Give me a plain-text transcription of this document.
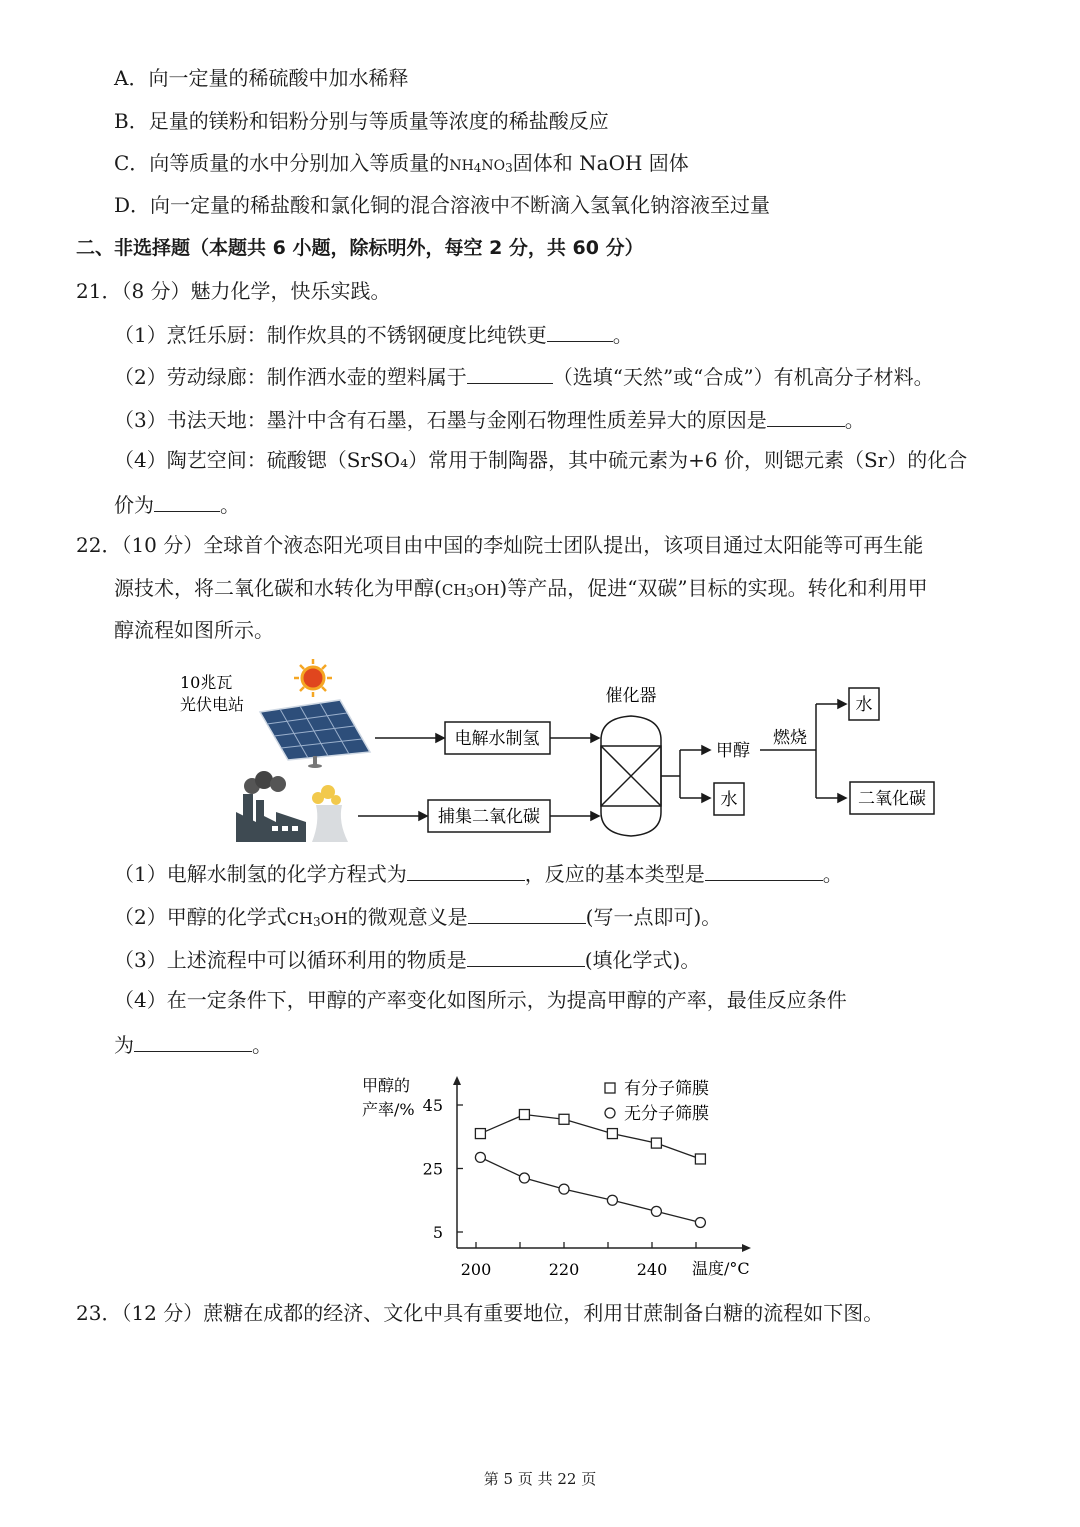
A．向一定量的稀硫酸中加水稀释
B．足量的镁粉和铝粉分别与等质量等浓度的稀盐酸反应
C．向等质量的水中分别加入等质量的NH4NO3固体和 NaOH 固体
D．向一定量的稀盐酸和氯化铜的混合溶液中不断滴入氢氧化钠溶液至过量
二、非选择题（本题共 6 小题，除标明外，每空 2 分，共 60 分）
21．（8 分）魅力化学，快乐实践。
（1）烹饪乐厨：制作炊具的不锈钢硬度比纯铁更	。
（2）劳动绿廊：制作洒水壶的塑料属于	（选填“天然”或“合成”）有机高分子材料。
（3）书法天地：墨汁中含有石墨，石墨与金刚石物理性质差异大的原因是	。
（4）陶艺空间：硫酸锶（SrSO₄）常用于制陶器，其中硫元素为+6 价，则锶元素（Sr）的化合
价为	。
22．（10 分）全球首个液态阳光项目由中国的李灿院士团队提出，该项目通过太阳能等可再生能
源技术，将二氧化碳和水转化为甲醇(CH3OH)等产品，促进“双碳”目标的实现。转化和利用甲
醇流程如图所示。
10兆瓦
光伏电站
电解水制氢
捕集二氧化碳
催化器
甲醇
水
燃烧
水
二氧化碳
（1）电解水制氢的化学方程式为	，反应的基本类型是	。
（2）甲醇的化学式CH3OH的微观意义是	(写一点即可)。
（3）上述流程中可以循环利用的物质是	(填化学式)。
（4）在一定条件下，甲醇的产率变化如图所示，为提高甲醇的产率，最佳反应条件
为	。
甲醇的
产率/%
温度/°C
5
25
45
200	220	240
有分子筛膜
无分子筛膜
23．（12 分）蔗糖在成都的经济、文化中具有重要地位，利用甘蔗制备白糖的流程如下图。
第 5 页 共 22 页
